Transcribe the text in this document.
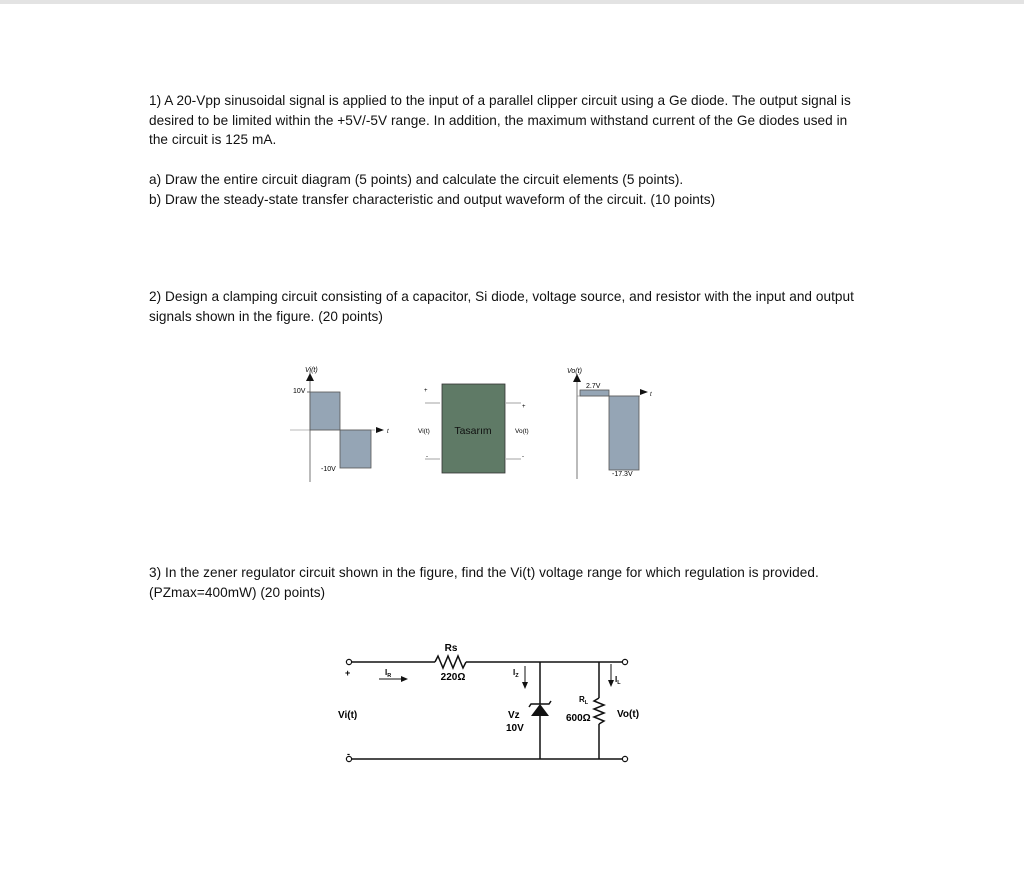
1) A 20-Vpp sinusoidal signal is applied to the input of a parallel clipper circuit using a Ge diode. The output signal is
desired to be limited within the +5V/-5V range. In addition, the maximum withstand current of the Ge diodes used in
the circuit is 125 mA.
a) Draw the entire circuit diagram (5 points) and calculate the circuit elements (5 points).
b) Draw the steady-state transfer characteristic and output waveform of the circuit. (10 points)
2) Design a clamping circuit consisting of a capacitor, Si diode, voltage source, and resistor with the input and output
signals shown in the figure. (20 points)
Vi(t)
10V
-10V
t
+
-
Vi(t) Tasarım
+
-
Vo(t)
Vo(t)
2.7V
-17.3V
t
3) In the zener regulator circuit shown in the figure, find the Vi(t) voltage range for which regulation is provided.
(PZmax=400mW) (20 points)
+
-
Rs
220Ω
$I_R$
Vz
10V
$I_Z$
$R_L$
600Ω	Vo(t)
$I_L$
Vi(t)
